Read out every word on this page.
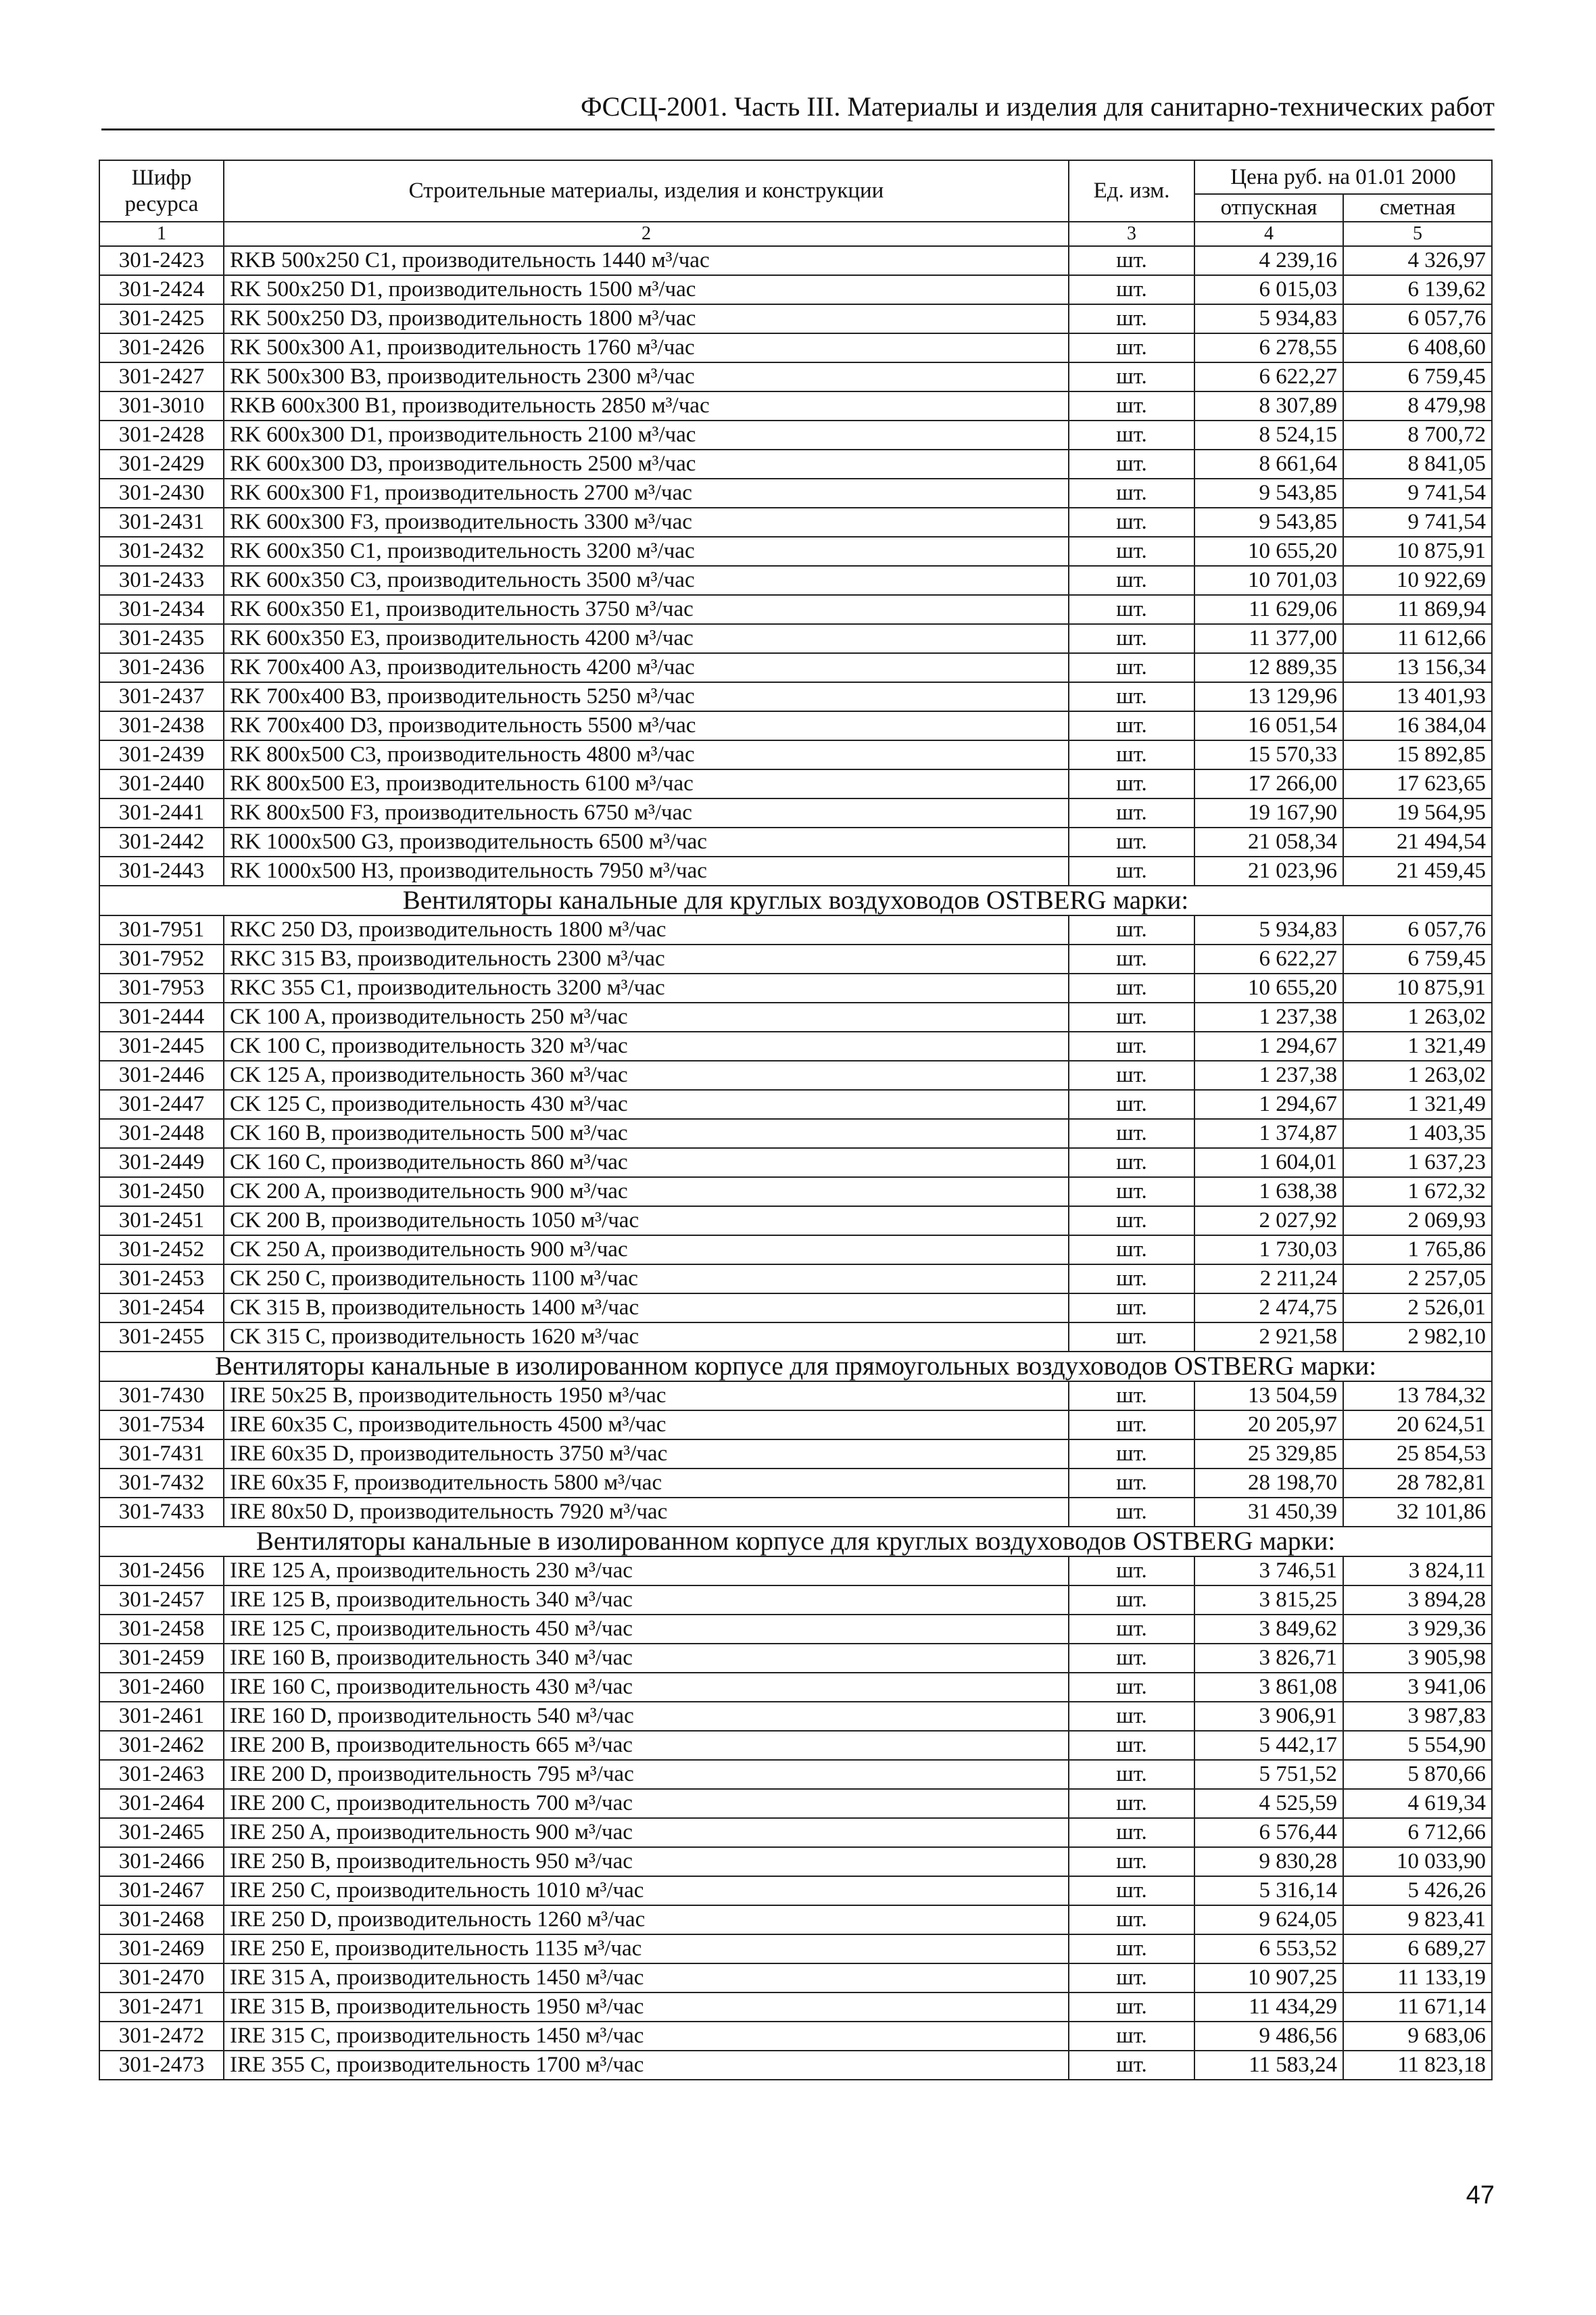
ФССЦ-2001. Часть III. Материалы и изделия для санитарно-технических работ
Шифр ресурса	Строительные материалы, изделия и конструкции	Ед. изм.	Цена руб. на 01.01 2000	
			отпускная	сметная
1	2	3	4	5
301-2423	RKB 500x250 C1, производительность 1440 м³/час	шт.	4 239,16	4 326,97
301-2424	RK 500x250 D1, производительность 1500 м³/час	шт.	6 015,03	6 139,62
301-2425	RK 500x250 D3, производительность 1800 м³/час	шт.	5 934,83	6 057,76
301-2426	RK 500x300 A1, производительность 1760 м³/час	шт.	6 278,55	6 408,60
301-2427	RK 500x300 B3, производительность 2300 м³/час	шт.	6 622,27	6 759,45
301-3010	RKB 600x300 B1, производительность 2850 м³/час	шт.	8 307,89	8 479,98
301-2428	RK 600x300 D1, производительность 2100 м³/час	шт.	8 524,15	8 700,72
301-2429	RK 600x300 D3, производительность 2500 м³/час	шт.	8 661,64	8 841,05
301-2430	RK 600x300 F1, производительность 2700 м³/час	шт.	9 543,85	9 741,54
301-2431	RK 600x300 F3, производительность 3300 м³/час	шт.	9 543,85	9 741,54
301-2432	RK 600x350 C1, производительность 3200 м³/час	шт.	10 655,20	10 875,91
301-2433	RK 600x350 C3, производительность 3500 м³/час	шт.	10 701,03	10 922,69
301-2434	RK 600x350 E1, производительность 3750 м³/час	шт.	11 629,06	11 869,94
301-2435	RK 600x350 E3, производительность 4200 м³/час	шт.	11 377,00	11 612,66
301-2436	RK 700x400 A3, производительность 4200 м³/час	шт.	12 889,35	13 156,34
301-2437	RK 700x400 B3, производительность 5250 м³/час	шт.	13 129,96	13 401,93
301-2438	RK 700x400 D3, производительность 5500 м³/час	шт.	16 051,54	16 384,04
301-2439	RK 800x500 C3, производительность 4800 м³/час	шт.	15 570,33	15 892,85
301-2440	RK 800x500 E3, производительность 6100 м³/час	шт.	17 266,00	17 623,65
301-2441	RK 800x500 F3, производительность 6750 м³/час	шт.	19 167,90	19 564,95
301-2442	RK 1000x500 G3, производительность 6500 м³/час	шт.	21 058,34	21 494,54
301-2443	RK 1000x500 H3, производительность 7950 м³/час	шт.	21 023,96	21 459,45
Вентиляторы канальные для круглых воздуховодов OSTBERG марки:				
301-7951	RKC 250 D3, производительность 1800 м³/час	шт.	5 934,83	6 057,76
301-7952	RKC 315 B3, производительность 2300 м³/час	шт.	6 622,27	6 759,45
301-7953	RKC 355 C1, производительность 3200 м³/час	шт.	10 655,20	10 875,91
301-2444	CK 100 A, производительность 250 м³/час	шт.	1 237,38	1 263,02
301-2445	CK 100 C, производительность 320 м³/час	шт.	1 294,67	1 321,49
301-2446	CK 125 A, производительность 360 м³/час	шт.	1 237,38	1 263,02
301-2447	CK 125 C, производительность 430 м³/час	шт.	1 294,67	1 321,49
301-2448	CK 160 B, производительность 500 м³/час	шт.	1 374,87	1 403,35
301-2449	CK 160 C, производительность 860 м³/час	шт.	1 604,01	1 637,23
301-2450	CK 200 A, производительность 900 м³/час	шт.	1 638,38	1 672,32
301-2451	CK 200 B, производительность 1050 м³/час	шт.	2 027,92	2 069,93
301-2452	CK 250 A, производительность 900 м³/час	шт.	1 730,03	1 765,86
301-2453	CK 250 C, производительность 1100 м³/час	шт.	2 211,24	2 257,05
301-2454	CK 315 B, производительность 1400 м³/час	шт.	2 474,75	2 526,01
301-2455	CK 315 C, производительность 1620 м³/час	шт.	2 921,58	2 982,10
Вентиляторы канальные в изолированном корпусе для прямоугольных воздуховодов OSTBERG марки:				
301-7430	IRE 50x25 B, производительность 1950 м³/час	шт.	13 504,59	13 784,32
301-7534	IRE 60x35 C, производительность 4500 м³/час	шт.	20 205,97	20 624,51
301-7431	IRE 60x35 D, производительность 3750 м³/час	шт.	25 329,85	25 854,53
301-7432	IRE 60x35 F, производительность 5800 м³/час	шт.	28 198,70	28 782,81
301-7433	IRE 80x50 D, производительность 7920 м³/час	шт.	31 450,39	32 101,86
Вентиляторы канальные в изолированном корпусе для круглых воздуховодов OSTBERG марки:				
301-2456	IRE 125 A, производительность 230 м³/час	шт.	3 746,51	3 824,11
301-2457	IRE 125 B, производительность 340 м³/час	шт.	3 815,25	3 894,28
301-2458	IRE 125 C, производительность 450 м³/час	шт.	3 849,62	3 929,36
301-2459	IRE 160 B, производительность 340 м³/час	шт.	3 826,71	3 905,98
301-2460	IRE 160 C, производительность 430 м³/час	шт.	3 861,08	3 941,06
301-2461	IRE 160 D, производительность 540 м³/час	шт.	3 906,91	3 987,83
301-2462	IRE 200 B, производительность 665 м³/час	шт.	5 442,17	5 554,90
301-2463	IRE 200 D, производительность 795 м³/час	шт.	5 751,52	5 870,66
301-2464	IRE 200 C, производительность 700 м³/час	шт.	4 525,59	4 619,34
301-2465	IRE 250 A, производительность 900 м³/час	шт.	6 576,44	6 712,66
301-2466	IRE 250 B, производительность 950 м³/час	шт.	9 830,28	10 033,90
301-2467	IRE 250 C, производительность 1010 м³/час	шт.	5 316,14	5 426,26
301-2468	IRE 250 D, производительность 1260 м³/час	шт.	9 624,05	9 823,41
301-2469	IRE 250 E, производительность 1135 м³/час	шт.	6 553,52	6 689,27
301-2470	IRE 315 A, производительность 1450 м³/час	шт.	10 907,25	11 133,19
301-2471	IRE 315 B, производительность 1950 м³/час	шт.	11 434,29	11 671,14
301-2472	IRE 315 C, производительность 1450 м³/час	шт.	9 486,56	9 683,06
301-2473	IRE 355 C, производительность 1700 м³/час	шт.	11 583,24	11 823,18
47
